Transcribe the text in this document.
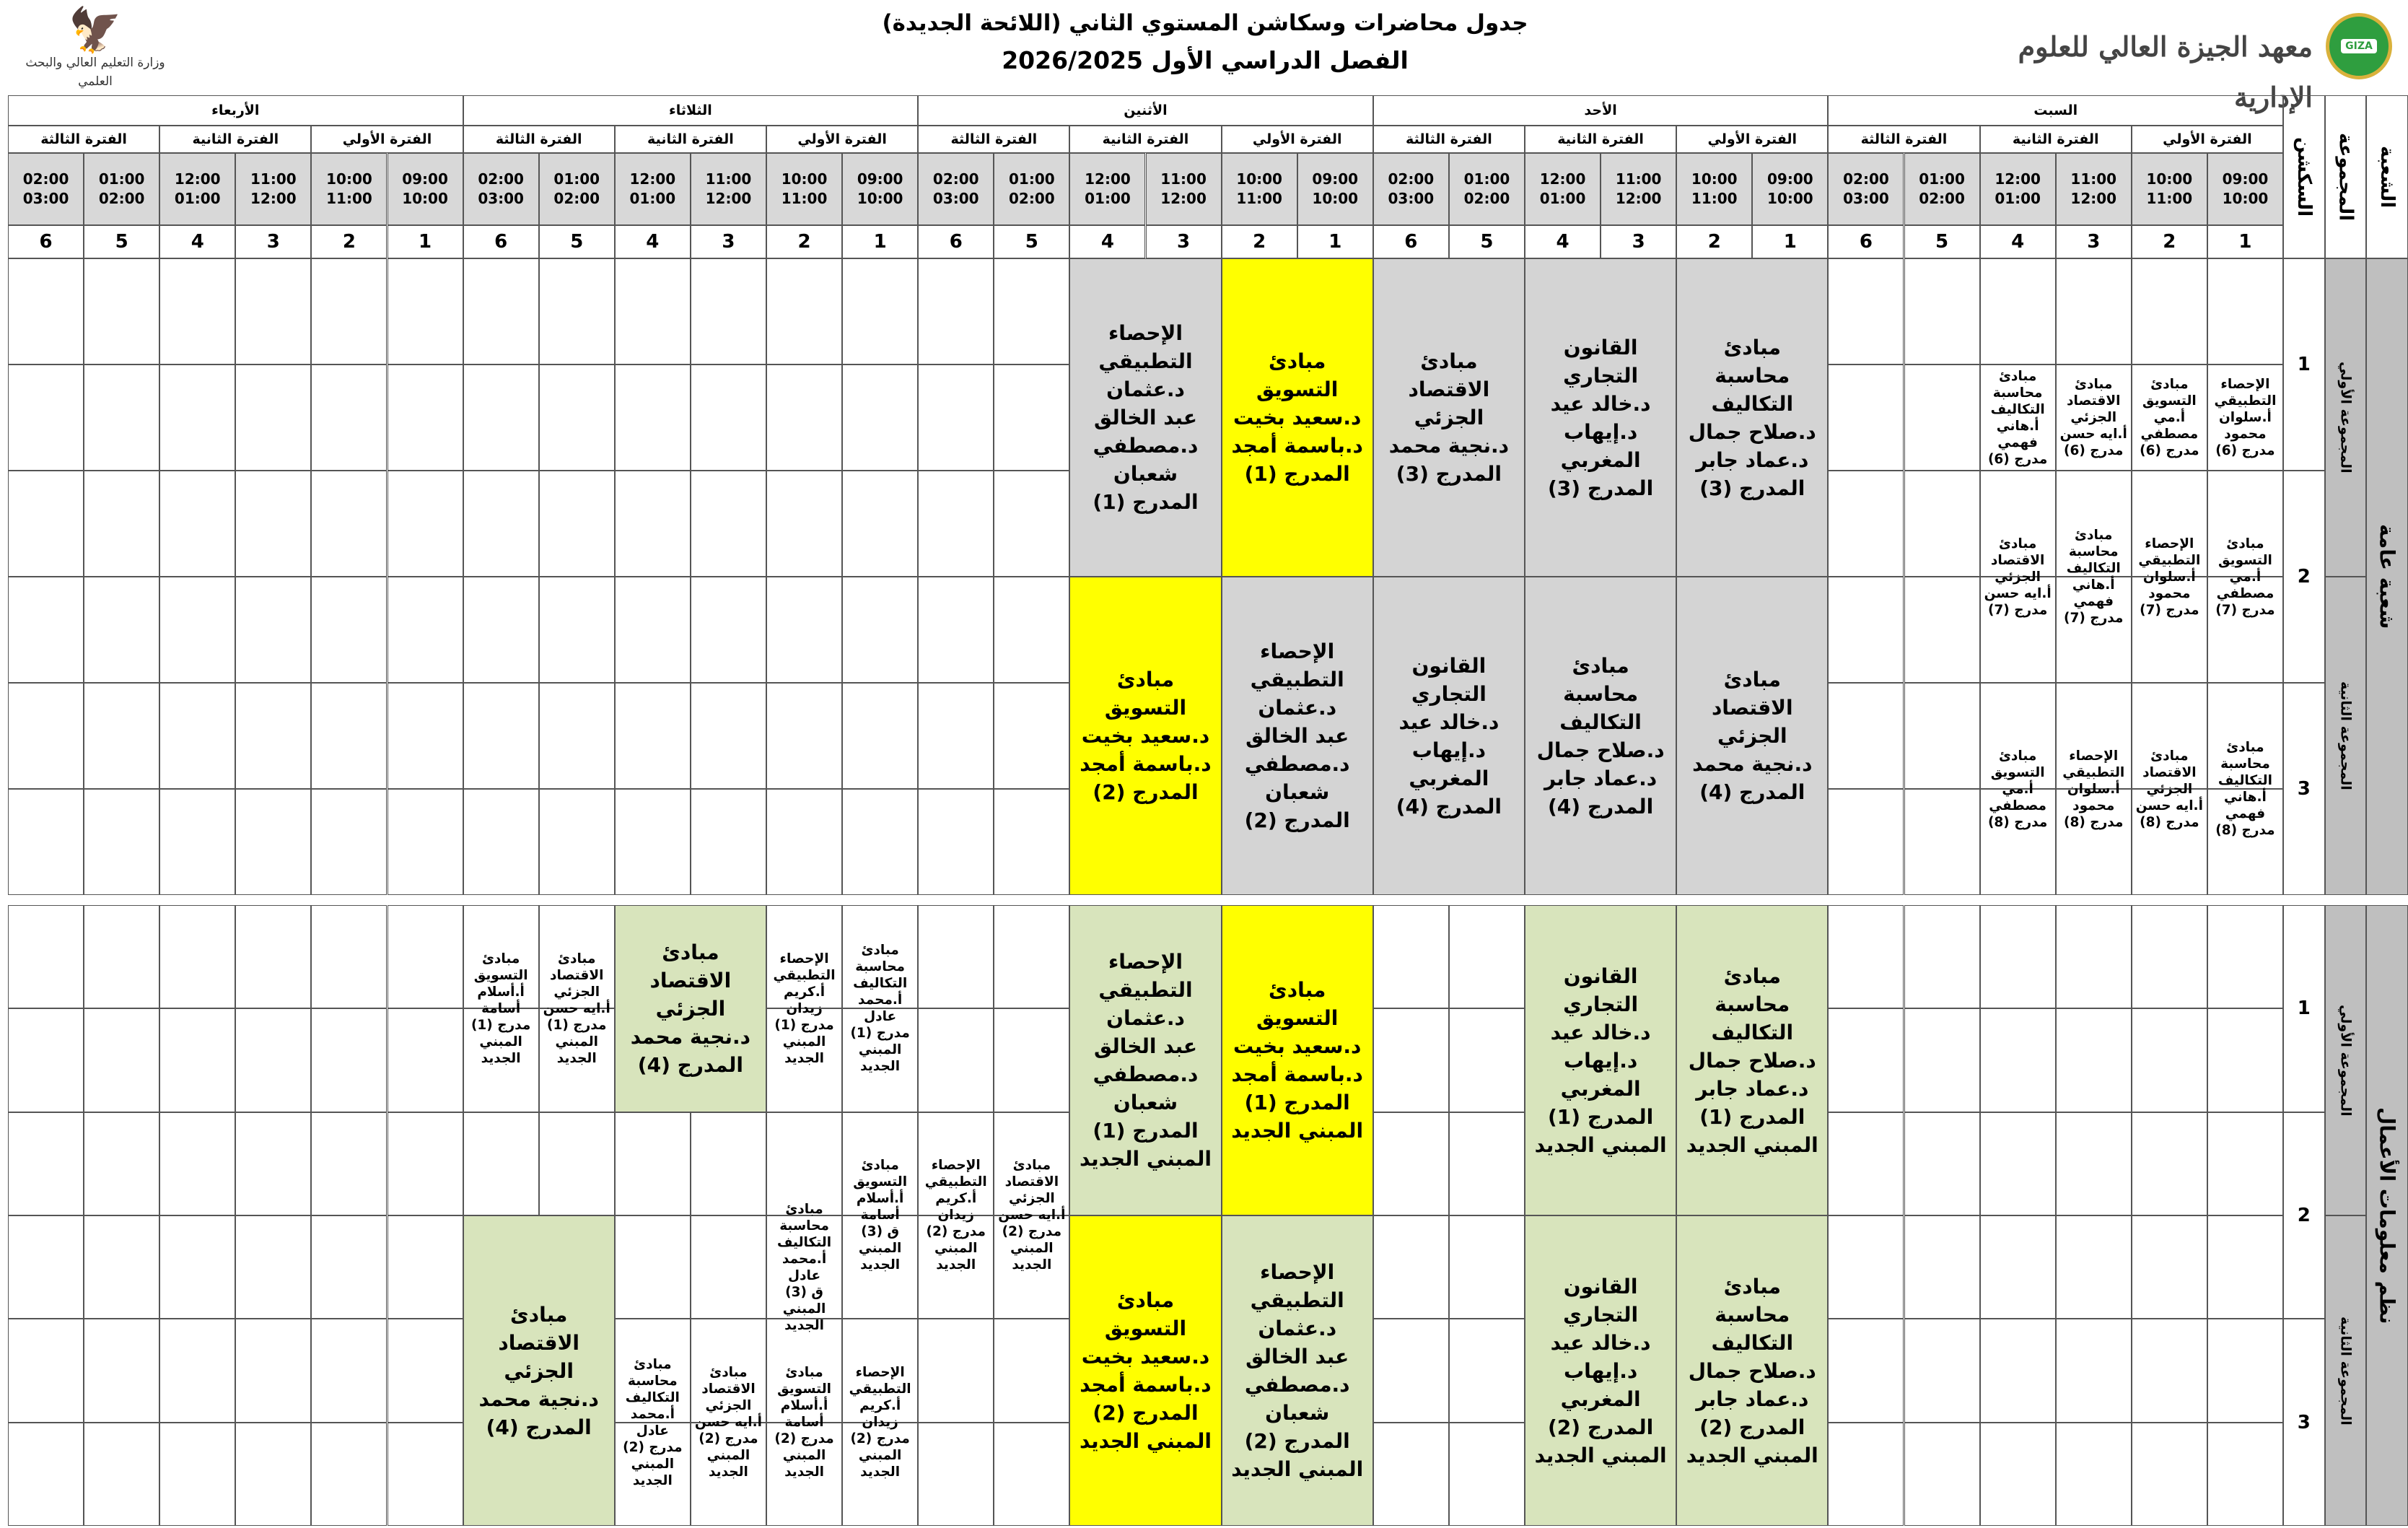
🦅
وزارة التعليم العالي والبحث العلمي
جدول محاضرات وسكاشن المستوي الثاني (اللائحة الجديدة)
الفصل الدراسي الأول 2026/2025	معهد الجيزة العالي للعلوم الإدارية
GIZA
السبت
الفترة الأولي
الفترة الثانية
الفترة الثالثة
09:00
10:00
1
10:00
11:00
2
11:00
12:00
3
12:00
01:00
4
01:00
02:00
5
02:00
03:00
6
الأحد
الفترة الأولي
الفترة الثانية
الفترة الثالثة
09:00
10:00
1
10:00
11:00
2
11:00
12:00
3
12:00
01:00
4
01:00
02:00
5
02:00
03:00
6
الأثنين
الفترة الأولي
الفترة الثانية
الفترة الثالثة
09:00
10:00
1
10:00
11:00
2
11:00
12:00
3
12:00
01:00
4
01:00
02:00
5
02:00
03:00
6
الثلاثاء
الفترة الأولي
الفترة الثانية
الفترة الثالثة
09:00
10:00
1
10:00
11:00
2
11:00
12:00
3
12:00
01:00
4
01:00
02:00
5
02:00
03:00
6
الأربعاء
الفترة الأولي
الفترة الثانية
الفترة الثالثة
09:00
10:00
1
10:00
11:00
2
11:00
12:00
3
12:00
01:00
4
01:00
02:00
5
02:00
03:00
6
الشعبة
المجموعة
السكشن
شعبة عامة
المجموعة الأولي
المجموعة الثانية
1
2
3
نظم معلومات الأعمال
المجموعة الأولي
المجموعة الثانية
1
2
3
الإحصاء
التطبيقي
أ.سلوان
محمود
مدرج (6)
مبادئ
التسويق
أ.مي
مصطفي
مدرج (6)
مبادئ
الاقتصاد
الجزئي
أ.ايه حسن
مدرج (6)
مبادئ
محاسبة
التكاليف
أ.هاني
فهمي
مدرج (6)
مبادئ
التسويق
أ.مي
مصطفي
مدرج (7)
الإحصاء
التطبيقي
أ.سلوان
محمود
مدرج (7)
مبادئ
محاسبة
التكاليف
أ.هاني
فهمي
مدرج (7)
مبادئ
الاقتصاد
الجزئي
أ.ايه حسن
مدرج (7)
مبادئ
محاسبة
التكاليف
أ.هاني
فهمي
مدرج (8)
مبادئ
الاقتصاد
الجزئي
أ.ايه حسن
مدرج (8)
الإحصاء
التطبيقي
أ.سلوان
محمود
مدرج (8)
مبادئ
التسويق
أ.مي
مصطفي
مدرج (8)
مبادئ
محاسبة
التكاليف
د.صلاح جمال
د.عماد جابر
المدرج (3)
القانون التجاري
د.خالد عيد
د.إيهاب المغربي
المدرج (3)
مبادئ
الاقتصاد الجزئي
د.نجية محمد
المدرج (3)
مبادئ التسويق
د.سعيد بخيت
د.باسمة أمجد
المدرج (1)
الإحصاء
التطبيقي
د.عثمان
عبد الخالق
د.مصطفي
شعبان
المدرج (1)
مبادئ
الاقتصاد
الجزئي
د.نجية محمد
المدرج (4)
مبادئ
محاسبة
التكاليف
د.صلاح جمال
د.عماد جابر
المدرج (4)
القانون التجاري
د.خالد عيد
د.إيهاب المغربي
المدرج (4)
الإحصاء
التطبيقي
د.عثمان
عبد الخالق
د.مصطفي
شعبان
المدرج (2)
مبادئ التسويق
د.سعيد بخيت
د.باسمة أمجد
المدرج (2)
مبادئ
محاسبة
التكاليف
د.صلاح جمال
د.عماد جابر
المدرج (1)
المبني الجديد
القانون التجاري
د.خالد عيد
د.إيهاب المغربي
المدرج (1)
المبني الجديد
مبادئ التسويق
د.سعيد بخيت
د.باسمة أمجد
المدرج (1)
المبني الجديد
الإحصاء
التطبيقي
د.عثمان
عبد الخالق
د.مصطفي
شعبان
المدرج (1)
المبني الجديد
مبادئ
محاسبة
التكاليف
أ.محمد
عادل
مدرج (1)
المبني
الجديد
الإحصاء
التطبيقي
أ.كريم
زيدان
مدرج (1)
المبني
الجديد
مبادئ
الاقتصاد
الجزئي
د.نجية محمد
المدرج (4)
مبادئ
الاقتصاد
الجزئي
أ.ايه حسن
مدرج (1)
المبني
الجديد
مبادئ
التسويق
أ.أسلام
أسامة
مدرج (1)
المبني
الجديد
مبادئ
الاقتصاد
الجزئي
أ.ايه حسن
مدرج (2)
المبني
الجديد
الإحصاء
التطبيقي
أ.كريم
زيدان
مدرج (2)
المبني
الجديد
مبادئ
التسويق
أ.أسلام
أسامة
ق (3)
المبني
الجديد
مبادئ
محاسبة
التكاليف
أ.محمد
عادل
ق (3)
المبني
الجديد
مبادئ
محاسبة
التكاليف
د.صلاح جمال
د.عماد جابر
المدرج (2)
المبني الجديد
القانون التجاري
د.خالد عيد
د.إيهاب المغربي
المدرج (2)
المبني الجديد
الإحصاء
التطبيقي
د.عثمان
عبد الخالق
د.مصطفي
شعبان
المدرج (2)
المبني الجديد
مبادئ التسويق
د.سعيد بخيت
د.باسمة أمجد
المدرج (2)
المبني الجديد
الإحصاء
التطبيقي
أ.كريم
زيدان
مدرج (2)
المبني
الجديد
مبادئ
التسويق
أ.أسلام
أسامة
مدرج (2)
المبني
الجديد
مبادئ
الاقتصاد
الجزئي
أ.ايه حسن
مدرج (2)
المبني
الجديد
مبادئ
محاسبة
التكاليف
أ.محمد
عادل
مدرج (2)
المبني
الجديد
مبادئ
الاقتصاد
الجزئي
د.نجية محمد
المدرج (4)
